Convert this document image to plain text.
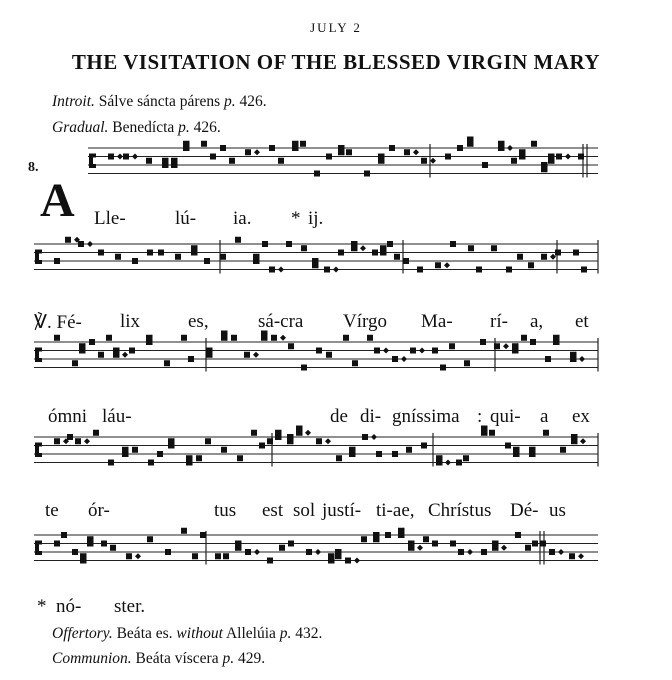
JULY 2
THE VISITATION OF THE BLESSED VIRGIN MARY
Introit. Sálve sáncta párens p. 426.
Gradual. Benedícta p. 426.
8.
A Lle-	lú- ia. * ij.
℣. Fé- lix	es,	sá-cra Vírgo Ma- rí- a, et
ómni láu-	de di- gníssima : qui- a ex
te ór-	tus est sol justí- ti-ae, Chrístus Dé- us
* nó- ster.
Offertory. Beáta es. without Allelúia p. 432.
Communion. Beáta víscera p. 429.
